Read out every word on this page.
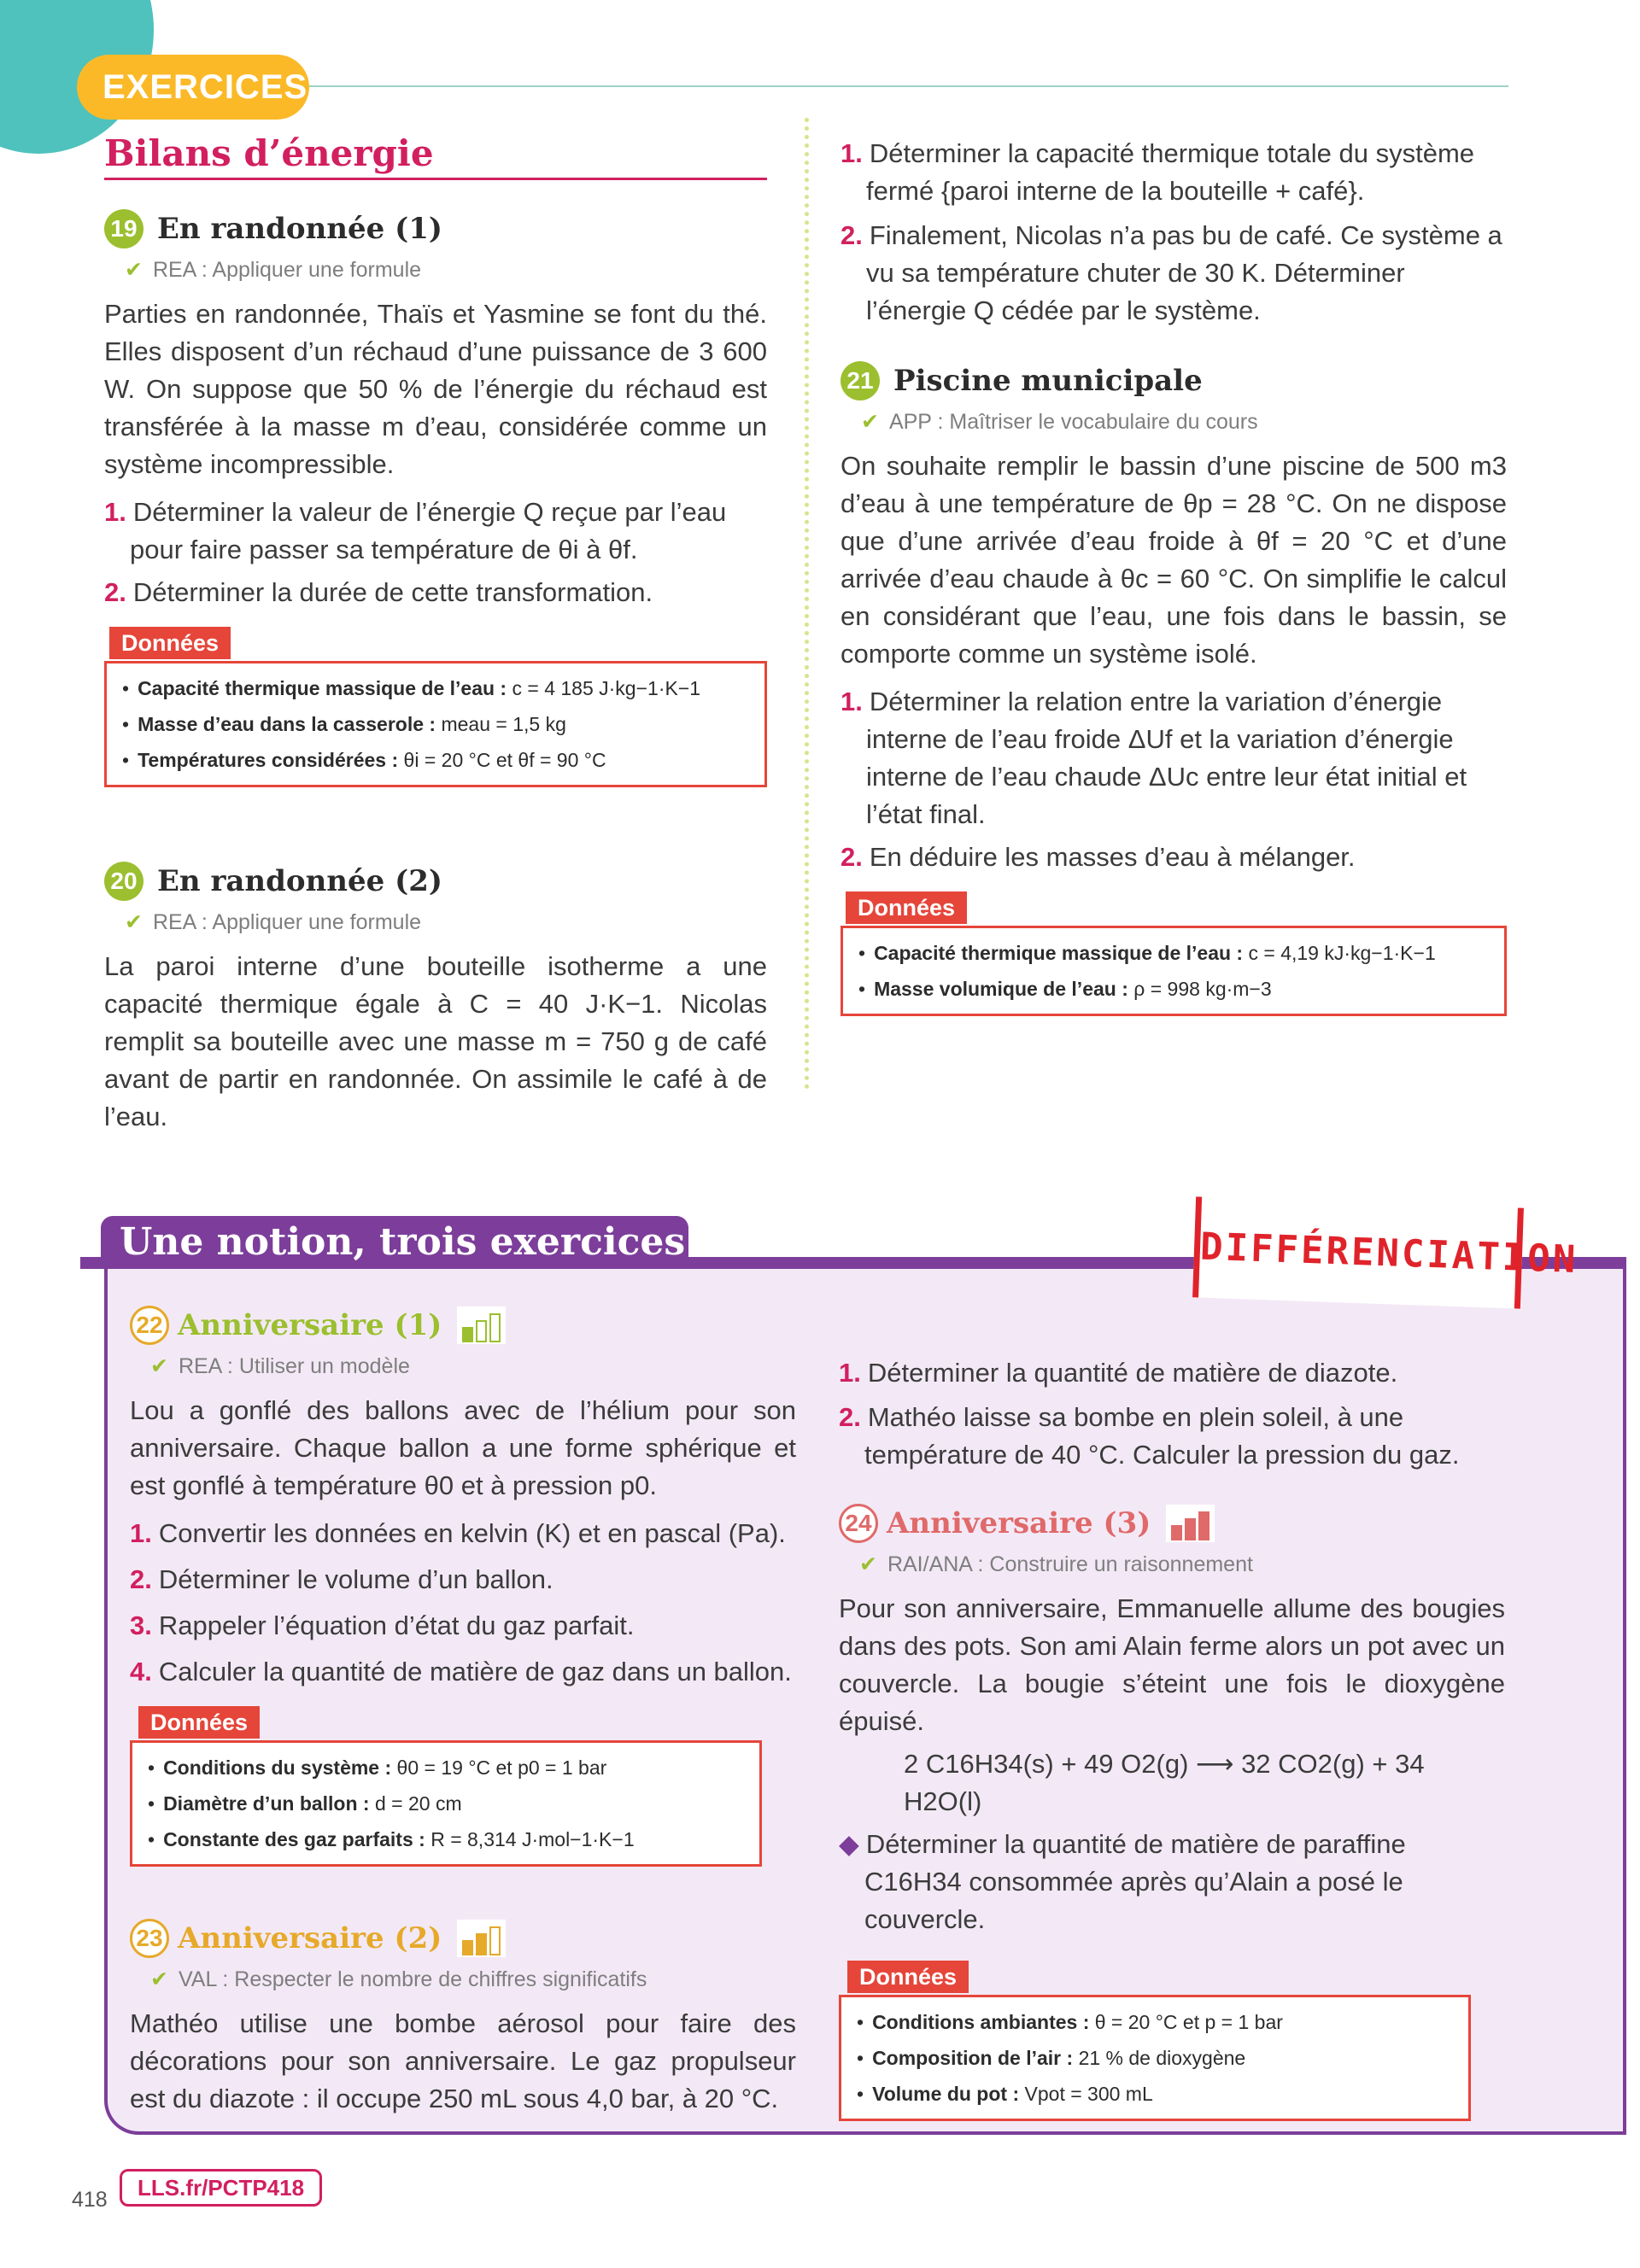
EXERCICES
Bilans d’énergie
19 En randonnée (1)
✔ REA : Appliquer une formule
Parties en randonnée, Thaïs et Yasmine se font du thé. Elles disposent d’un réchaud d’une puissance de 3 600 W. On suppose que 50 % de l’énergie du réchaud est transférée à la masse m d’eau, considérée comme un système incompressible.
1. Déterminer la valeur de l’énergie Q reçue par l’eau pour faire passer sa température de θi à θf.
2. Déterminer la durée de cette transformation.
Données
• Capacité thermique massique de l’eau : c = 4 185 J·kg−1·K−1
• Masse d’eau dans la casserole : meau = 1,5 kg
• Températures considérées : θi = 20 °C et θf = 90 °C
20 En randonnée (2)
✔ REA : Appliquer une formule
La paroi interne d’une bouteille isotherme a une capacité thermique égale à C = 40 J·K−1. Nicolas remplit sa bouteille avec une masse m = 750 g de café avant de partir en randonnée. On assimile le café à de l’eau.
1. Déterminer la capacité thermique totale du système fermé {paroi interne de la bouteille + café}.
2. Finalement, Nicolas n’a pas bu de café. Ce système a vu sa température chuter de 30 K. Déterminer l’énergie Q cédée par le système.
21 Piscine municipale
✔ APP : Maîtriser le vocabulaire du cours
On souhaite remplir le bassin d’une piscine de 500 m3 d’eau à une température de θp = 28 °C. On ne dispose que d’une arrivée d’eau froide à θf = 20 °C et d’une arrivée d’eau chaude à θc = 60 °C. On simplifie le calcul en considérant que l’eau, une fois dans le bassin, se comporte comme un système isolé.
1. Déterminer la relation entre la variation d’énergie interne de l’eau froide ΔUf et la variation d’énergie interne de l’eau chaude ΔUc entre leur état initial et l’état final.
2. En déduire les masses d’eau à mélanger.
Données
• Capacité thermique massique de l’eau : c = 4,19 kJ·kg−1·K−1
• Masse volumique de l’eau : ρ = 998 kg·m−3
Une notion, trois exercices	DIFFÉRENCIATION
22 Anniversaire (1)
✔ REA : Utiliser un modèle
Lou a gonflé des ballons avec de l’hélium pour son anniversaire. Chaque ballon a une forme sphérique et est gonflé à température θ0 et à pression p0.
1. Convertir les données en kelvin (K) et en pascal (Pa).
2. Déterminer le volume d’un ballon.
3. Rappeler l’équation d’état du gaz parfait.
4. Calculer la quantité de matière de gaz dans un ballon.
Données
• Conditions du système : θ0 = 19 °C et p0 = 1 bar
• Diamètre d’un ballon : d = 20 cm
• Constante des gaz parfaits : R = 8,314 J·mol−1·K−1
23 Anniversaire (2)
✔ VAL : Respecter le nombre de chiffres significatifs
Mathéo utilise une bombe aérosol pour faire des décorations pour son anniversaire. Le gaz propulseur est du diazote : il occupe 250 mL sous 4,0 bar, à 20 °C.
1. Déterminer la quantité de matière de diazote.
2. Mathéo laisse sa bombe en plein soleil, à une température de 40 °C. Calculer la pression du gaz.
24 Anniversaire (3)
✔ RAI/ANA : Construire un raisonnement
Pour son anniversaire, Emmanuelle allume des bougies dans des pots. Son ami Alain ferme alors un pot avec un couvercle. La bougie s’éteint une fois le dioxygène épuisé.
2 C16H34(s) + 49 O2(g) ⟶ 32 CO2(g) + 34 H2O(l)
◆ Déterminer la quantité de matière de paraffine C16H34 consommée après qu’Alain a posé le couvercle.
Données
• Conditions ambiantes : θ = 20 °C et p = 1 bar
• Composition de l’air : 21 % de dioxygène
• Volume du pot : Vpot = 300 mL
418	LLS.fr/PCTP418
